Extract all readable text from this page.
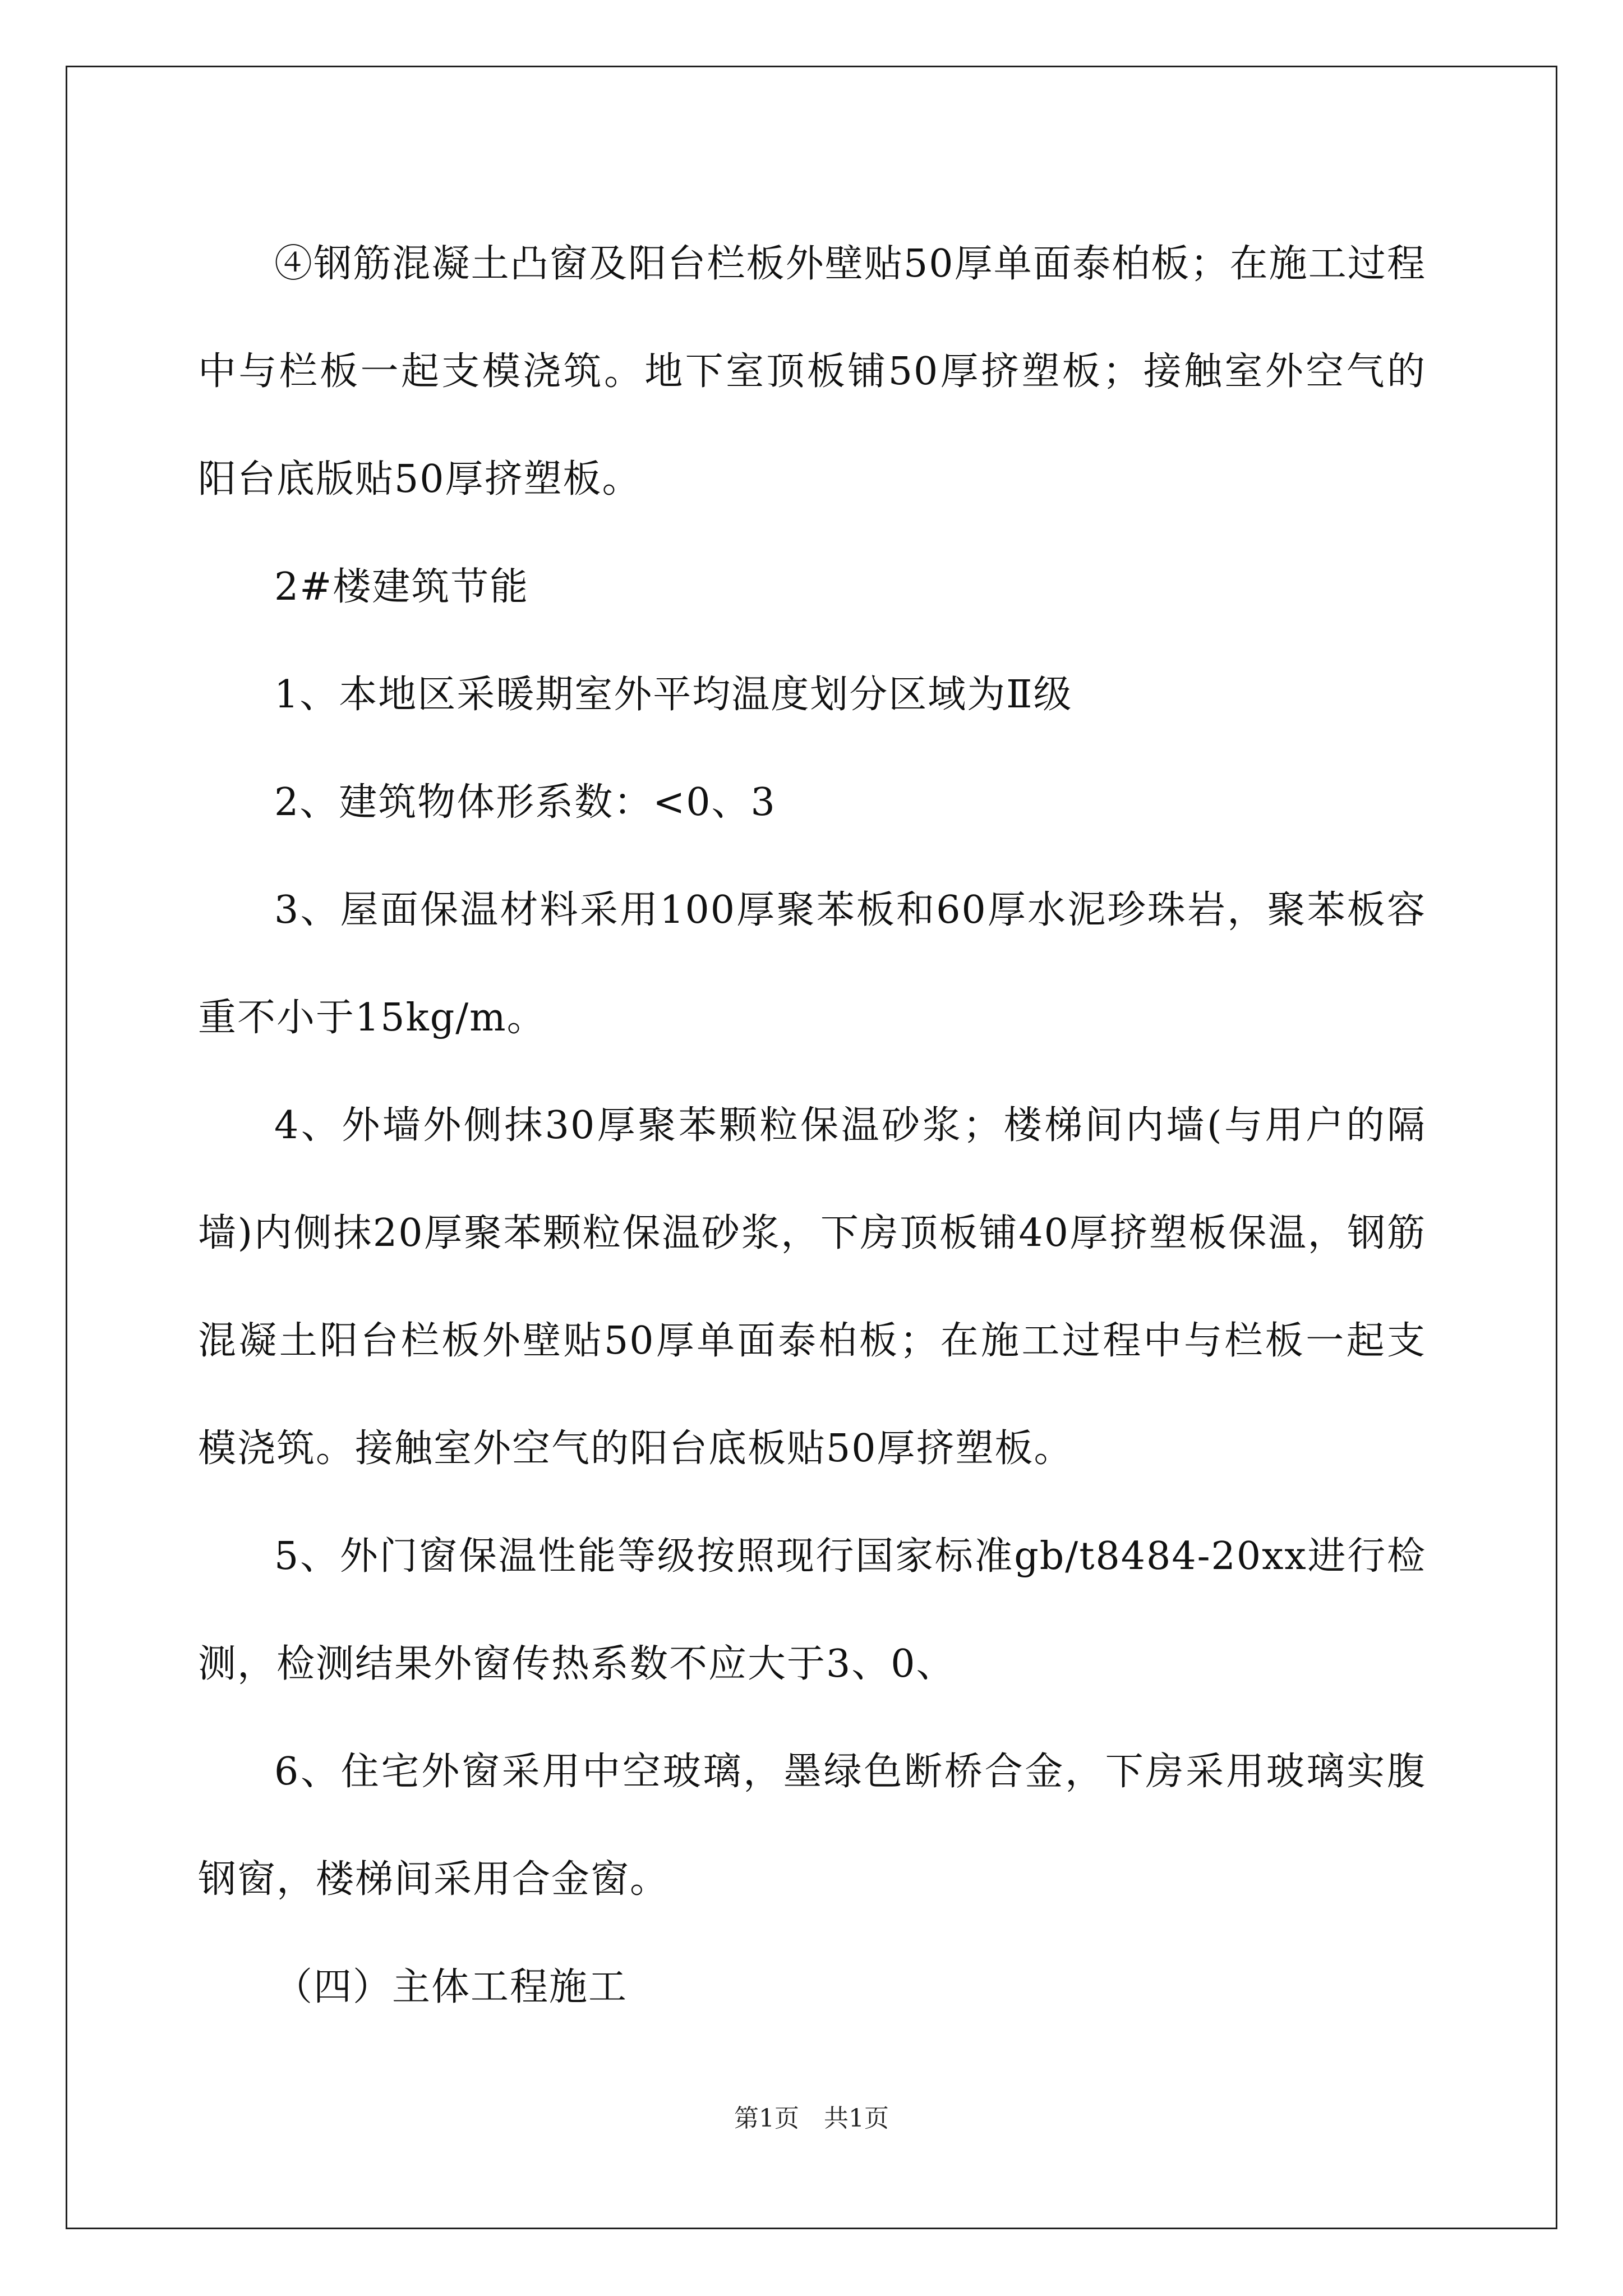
④钢筋混凝土凸窗及阳台栏板外壁贴50厚单面泰柏板；在施工过程中与栏板一起支模浇筑。地下室顶板铺50厚挤塑板；接触室外空气的阳台底版贴50厚挤塑板。

2#楼建筑节能

1、本地区采暖期室外平均温度划分区域为Ⅱ级

2、建筑物体形系数：<0、3

3、屋面保温材料采用100厚聚苯板和60厚水泥珍珠岩，聚苯板容重不小于15kg/m。

4、外墙外侧抹30厚聚苯颗粒保温砂浆；楼梯间内墙(与用户的隔墙)内侧抹20厚聚苯颗粒保温砂浆，下房顶板铺40厚挤塑板保温，钢筋混凝土阳台栏板外壁贴50厚单面泰柏板；在施工过程中与栏板一起支模浇筑。接触室外空气的阳台底板贴50厚挤塑板。

5、外门窗保温性能等级按照现行国家标准gb/t8484-20xx进行检测，检测结果外窗传热系数不应大于3、0、

6、住宅外窗采用中空玻璃，墨绿色断桥合金，下房采用玻璃实腹钢窗，楼梯间采用合金窗。

（四）主体工程施工

第1页　共1页
